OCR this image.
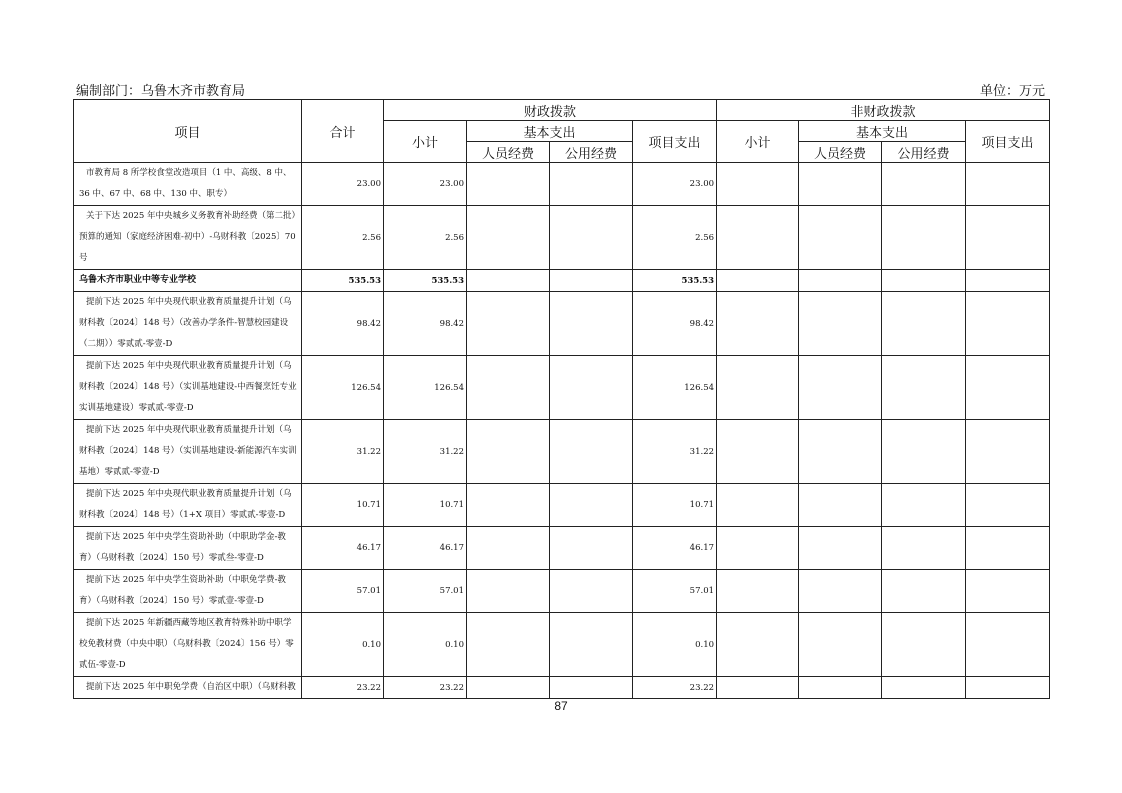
编制部门：乌鲁木齐市教育局	单位：万元
项目	合计	财政拨款				非财政拨款			
		小计	基本支出		项目支出	小计	基本支出		项目支出
			人员经费	公用经费			人员经费	公用经费	
市教育局 8 所学校食堂改造项目（1 中、高级、8 中、36 中、67 中、68 中、130 中、职专）	23.00	23.00			23.00				
关于下达 2025 年中央城乡义务教育补助经费（第二批）预算的通知（家庭经济困难-初中）-乌财科教〔2025〕70 号	2.56	2.56			2.56				
乌鲁木齐市职业中等专业学校	535.53	535.53			535.53				
提前下达 2025 年中央现代职业教育质量提升计划（乌财科教〔2024〕148 号）（改善办学条件-智慧校园建设（二期））零贰贰-零壹-D	98.42	98.42			98.42				
提前下达 2025 年中央现代职业教育质量提升计划（乌财科教〔2024〕148 号）（实训基地建设-中西餐烹饪专业实训基地建设）零贰贰-零壹-D	126.54	126.54			126.54				
提前下达 2025 年中央现代职业教育质量提升计划（乌财科教〔2024〕148 号）（实训基地建设-新能源汽车实训基地）零贰贰-零壹-D	31.22	31.22			31.22				
提前下达 2025 年中央现代职业教育质量提升计划（乌财科教〔2024〕148 号）（1+X 项目）零贰贰-零壹-D	10.71	10.71			10.71				
提前下达 2025 年中央学生资助补助（中职助学金-教育）（乌财科教〔2024〕150 号）零贰叁-零壹-D	46.17	46.17			46.17				
提前下达 2025 年中央学生资助补助（中职免学费-教育）（乌财科教〔2024〕150 号）零贰壹-零壹-D	57.01	57.01			57.01				
提前下达 2025 年新疆西藏等地区教育特殊补助中职学校免教材费（中央中职）（乌财科教〔2024〕156 号）零贰伍-零壹-D	0.10	0.10			0.10				
提前下达 2025 年中职免学费（自治区中职）（乌财科教	23.22	23.22			23.22				
87
